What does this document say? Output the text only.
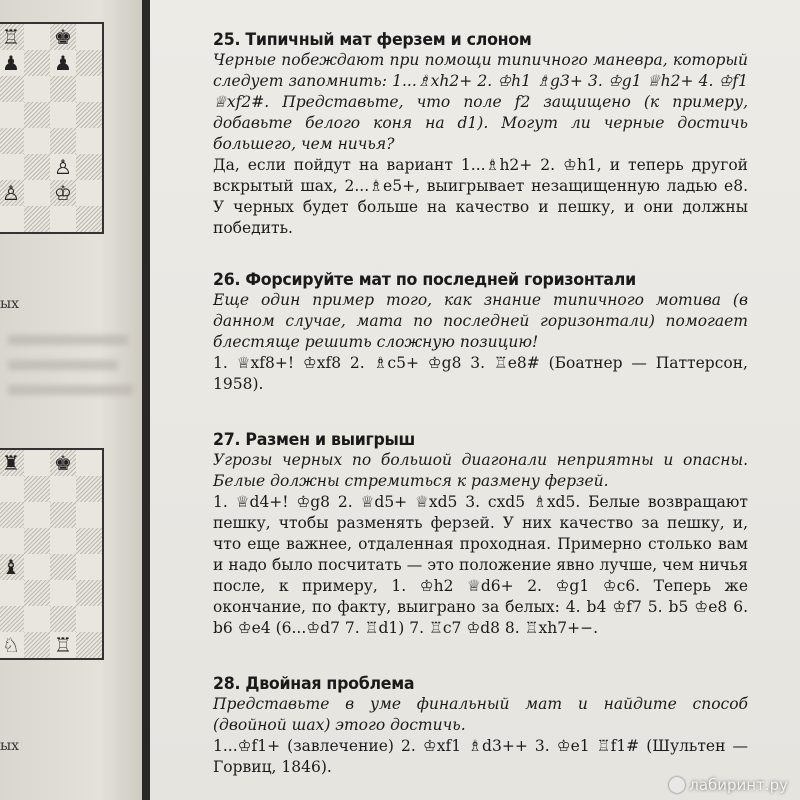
♖ ♚
♟ ♟
♙
♙ ♔
ых
♜ ♚
♝
♘ ♖
ых
25. Типичный мат ферзем и слоном

Черные побеждают при помощи типичного маневра, который следует запомнить: 1...♗xh2+ 2. ♔h1 ♗g3+ 3. ♔g1 ♕h2+ 4. ♔f1 ♕xf2#. Представьте, что поле f2 защищено (к примеру, добавьте белого коня на d1). Могут ли черные достичь большего, чем ничья?

Да, если пойдут на вариант 1...♗h2+ 2. ♔h1, и теперь другой вскрытый шах, 2...♗e5+, выигрывает незащищенную ладью e8. У черных будет больше на качество и пешку, и они должны победить.

26. Форсируйте мат по последней горизонтали

Еще один пример того, как знание типичного мотива (в данном случае, мата по последней горизонтали) помогает блестяще решить сложную позицию!

1. ♕xf8+! ♔xf8 2. ♗c5+ ♔g8 3. ♖e8# (Боатнер — Паттерсон, 1958).

27. Размен и выигрыш

Угрозы черных по большой диагонали неприятны и опасны. Белые должны стремиться к размену ферзей.

1. ♕d4+! ♔g8 2. ♕d5+ ♕xd5 3. cxd5 ♗xd5. Белые возвращают пешку, чтобы разменять ферзей. У них качество за пешку, и, что еще важнее, отдаленная проходная. Примерно столько вам и надо было посчитать — это положение явно лучше, чем ничья после, к примеру, 1. ♔h2 ♕d6+ 2. ♔g1 ♔c6. Теперь же окончание, по факту, выиграно за белых: 4. b4 ♔f7 5. b5 ♔e8 6. b6 ♔e4 (6...♔d7 7. ♖d1) 7. ♖c7 ♔d8 8. ♖xh7+−.

28. Двойная проблема

Представьте в уме финальный мат и найдите способ (двойной шах) этого достичь.

1...♔f1+ (завлечение) 2. ♔xf1 ♗d3++ 3. ♔e1 ♖f1# (Шультен — Горвиц, 1846).

лабиринт.ру
